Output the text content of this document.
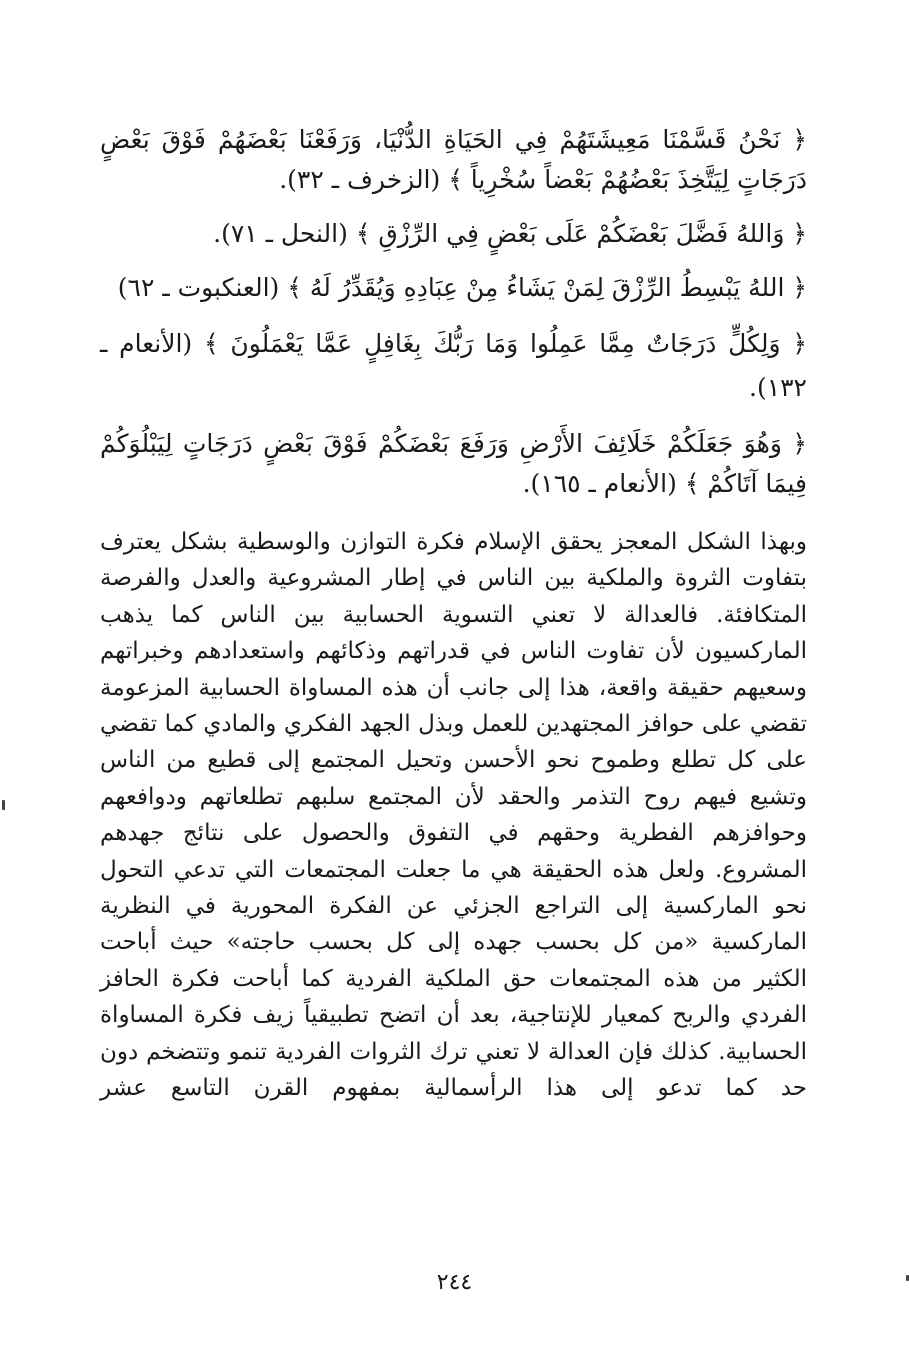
﴿ نَحْنُ قَسَّمْنَا مَعِيشَتَهُمْ فِي الحَيَاةِ الدُّنْيَا، وَرَفَعْنَا بَعْضَهُمْ فَوْقَ بَعْضٍ دَرَجَاتٍ لِيَتَّخِذَ بَعْضُهُمْ بَعْضاً سُخْرِياً ﴾ (الزخرف ـ ٣٢).

﴿ وَاللهُ فَضَّلَ بَعْضَكُمْ عَلَى بَعْضٍ فِي الرِّزْقِ ﴾ (النحل ـ ٧١).

﴿ اللهُ يَبْسِطُ الرِّزْقَ لِمَنْ يَشَاءُ مِنْ عِبَادِهِ وَيُقَدِّرُ لَهُ ﴾ (العنكبوت ـ ٦٢)

﴿ وَلِكُلٍّ دَرَجَاتٌ مِمَّا عَمِلُوا وَمَا رَبُّكَ بِغَافِلٍ عَمَّا يَعْمَلُونَ ﴾ (الأنعام ـ ١٣٢).

﴿ وَهُوَ جَعَلَكُمْ خَلَائِفَ الأَرْضِ وَرَفَعَ بَعْضَكُمْ فَوْقَ بَعْضٍ دَرَجَاتٍ لِيَبْلُوَكُمْ فِيمَا آتَاكُمْ ﴾ (الأنعام ـ ١٦٥).

وبهذا الشكل المعجز يحقق الإسلام فكرة التوازن والوسطية بشكل يعترف بتفاوت الثروة والملكية بين الناس في إطار المشروعية والعدل والفرصة المتكافئة. فالعدالة لا تعني التسوية الحسابية بين الناس كما يذهب الماركسيون لأن تفاوت الناس في قدراتهم وذكائهم واستعدادهم وخبراتهم وسعيهم حقيقة واقعة، هذا إلى جانب أن هذه المساواة الحسابية المزعومة تقضي على حوافز المجتهدين للعمل وبذل الجهد الفكري والمادي كما تقضي على كل تطلع وطموح نحو الأحسن وتحيل المجتمع إلى قطيع من الناس وتشيع فيهم روح التذمر والحقد لأن المجتمع سلبهم تطلعاتهم ودوافعهم وحوافزهم الفطرية وحقهم في التفوق والحصول على نتائج جهدهم المشروع. ولعل هذه الحقيقة هي ما جعلت المجتمعات التي تدعي التحول نحو الماركسية إلى التراجع الجزئي عن الفكرة المحورية في النظرية الماركسية «من كل بحسب جهده إلى كل بحسب حاجته» حيث أباحت الكثير من هذه المجتمعات حق الملكية الفردية كما أباحت فكرة الحافز الفردي والربح كمعيار للإنتاجية، بعد أن اتضح تطبيقياً زيف فكرة المساواة الحسابية. كذلك فإن العدالة لا تعني ترك الثروات الفردية تنمو وتتضخم دون حد كما تدعو إلى هذا الرأسمالية بمفهوم القرن التاسع عشر

٢٤٤
